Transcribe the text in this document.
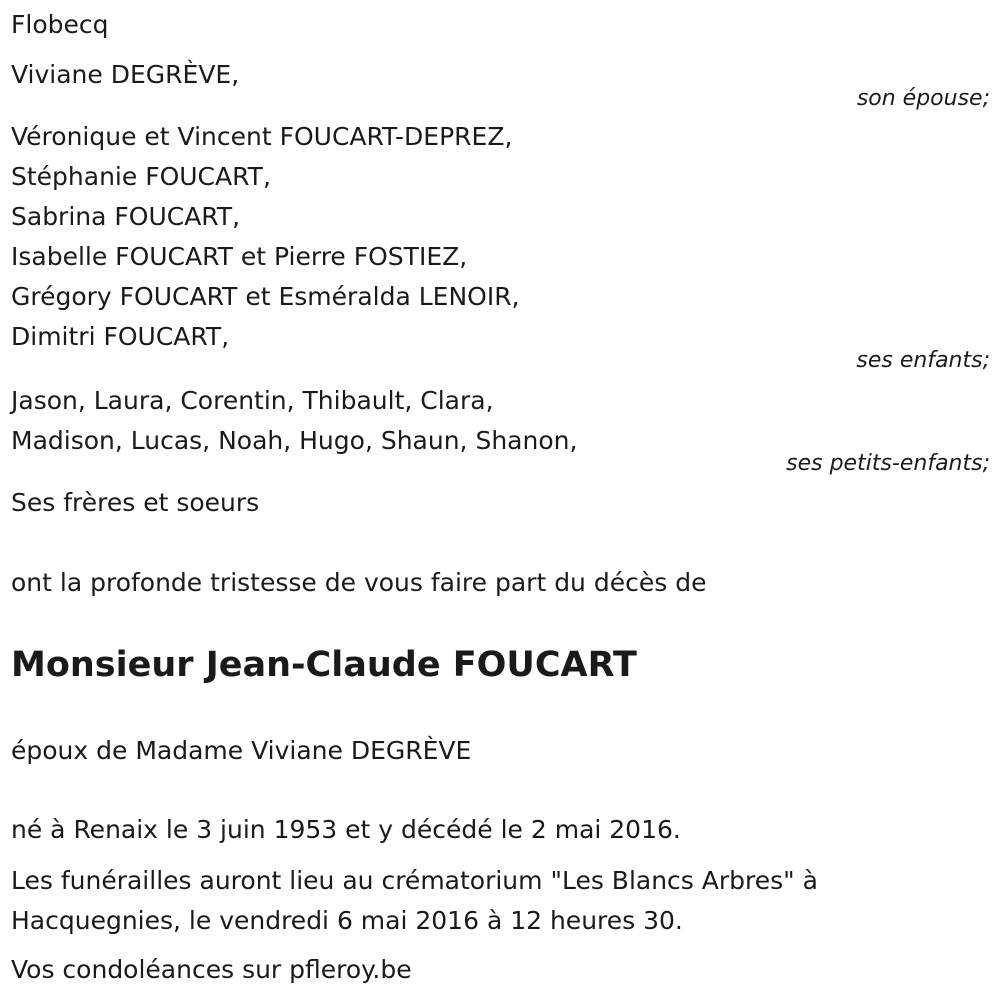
Flobecq
Viviane DEGRÈVE,
son épouse;
Véronique et Vincent FOUCART-DEPREZ,
Stéphanie FOUCART,
Sabrina FOUCART,
Isabelle FOUCART et Pierre FOSTIEZ,
Grégory FOUCART et Esméralda LENOIR,
Dimitri FOUCART,
ses enfants;
Jason, Laura, Corentin, Thibault, Clara,
Madison, Lucas, Noah, Hugo, Shaun, Shanon,
ses petits-enfants;
Ses frères et soeurs
ont la profonde tristesse de vous faire part du décès de
Monsieur Jean-Claude FOUCART
époux de Madame Viviane DEGRÈVE
né à Renaix le 3 juin 1953 et y décédé le 2 mai 2016.
Les funérailles auront lieu au crématorium "Les Blancs Arbres" à
Hacquegnies, le vendredi 6 mai 2016 à 12 heures 30.
Vos condoléances sur pfleroy.be
